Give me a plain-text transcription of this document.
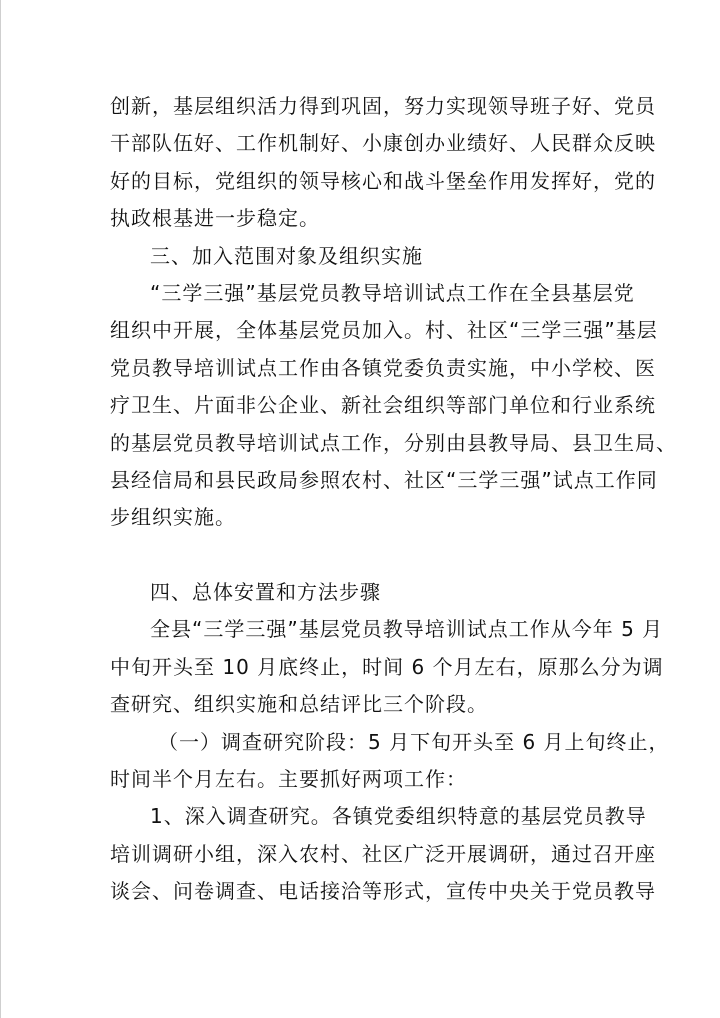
创新，基层组织活力得到巩固，努力实现领导班子好、党员
干部队伍好、工作机制好、小康创办业绩好、人民群众反映
好的目标，党组织的领导核心和战斗堡垒作用发挥好，党的
执政根基进一步稳定。
三、加入范围对象及组织实施
“三学三强”基层党员教导培训试点工作在全县基层党
组织中开展，全体基层党员加入。村、社区“三学三强”基层
党员教导培训试点工作由各镇党委负责实施，中小学校、医
疗卫生、片面非公企业、新社会组织等部门单位和行业系统
的基层党员教导培训试点工作，分别由县教导局、县卫生局、
县经信局和县民政局参照农村、社区“三学三强”试点工作同
步组织实施。
四、总体安置和方法步骤
全县“三学三强”基层党员教导培训试点工作从今年 5 月
中旬开头至 10 月底终止，时间 6 个月左右，原那么分为调
查研究、组织实施和总结评比三个阶段。
（一）调查研究阶段：5 月下旬开头至 6 月上旬终止，
时间半个月左右。主要抓好两项工作：
1、深入调查研究。各镇党委组织特意的基层党员教导
培训调研小组，深入农村、社区广泛开展调研，通过召开座
谈会、问卷调查、电话接洽等形式，宣传中央关于党员教导
